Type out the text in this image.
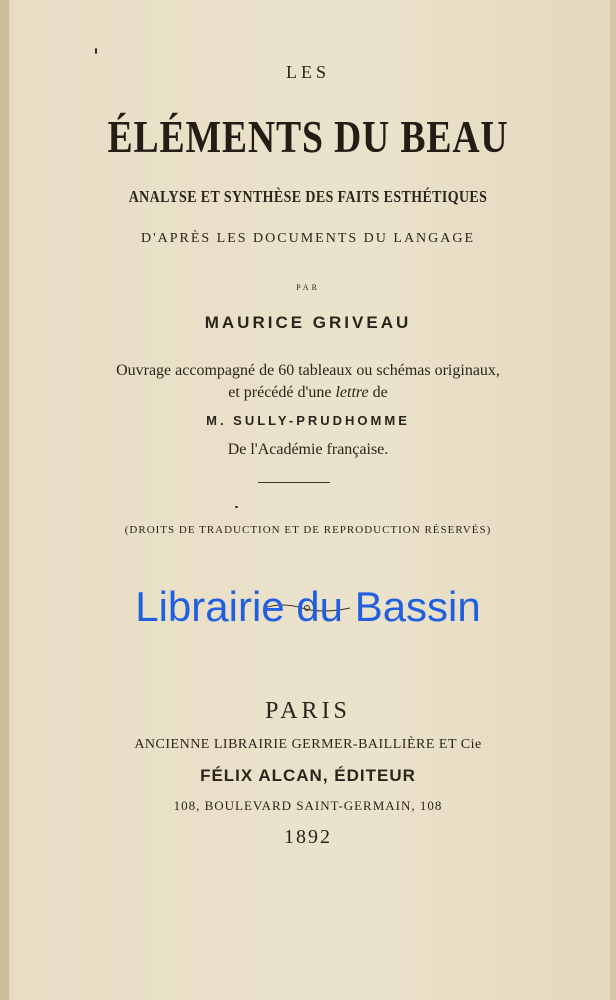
LES
ÉLÉMENTS DU BEAU
ANALYSE ET SYNTHÈSE DES FAITS ESTHÉTIQUES
D'APRÈS LES DOCUMENTS DU LANGAGE
PAR
MAURICE GRIVEAU
Ouvrage accompagné de 60 tableaux ou schémas originaux,
et précédé d'une lettre de
M. SULLY-PRUDHOMME
De l'Académie française.
(DROITS DE TRADUCTION ET DE REPRODUCTION RÉSERVÉS)
Librairie du Bassin
PARIS
ANCIENNE LIBRAIRIE GERMER-BAILLIÈRE ET Cie
FÉLIX ALCAN, ÉDITEUR
108, BOULEVARD SAINT-GERMAIN, 108
1892
